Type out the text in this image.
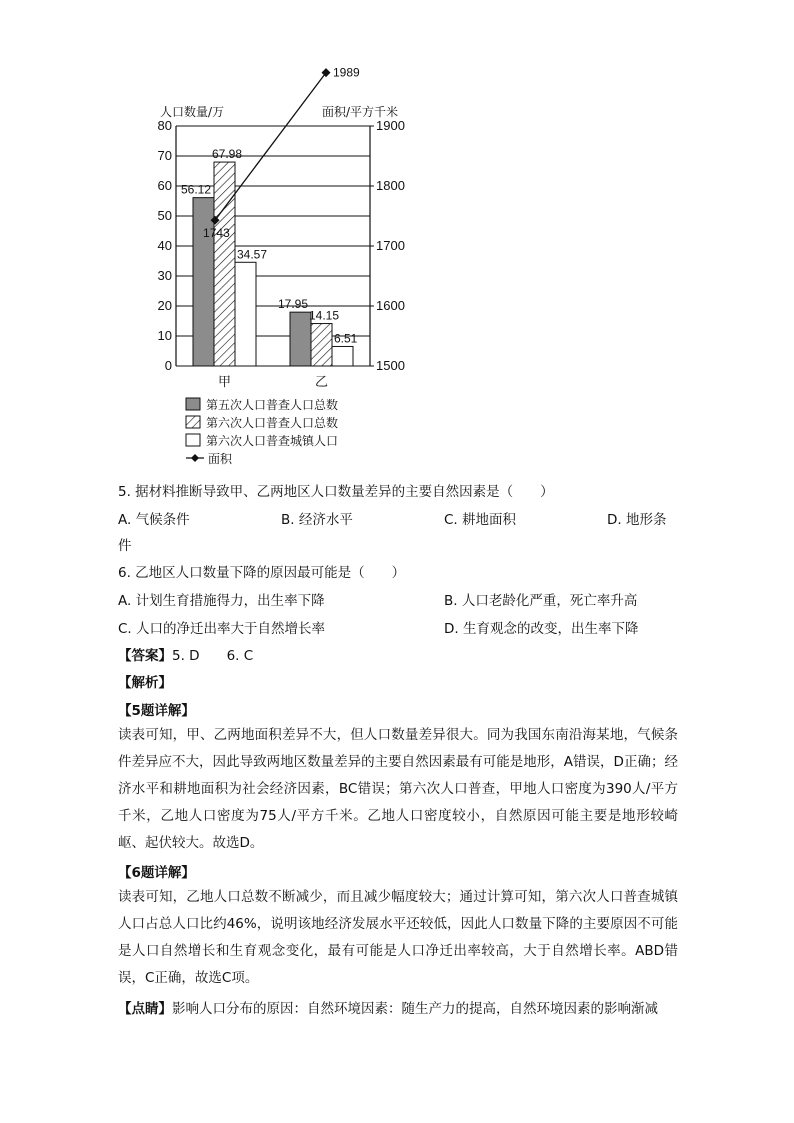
人口数量/万	面积/平方千米
56.12
67.98
34.57
17.95
14.15
6.51
1743
1989
0
10
20
30
40
50
60
70
80
1500
1600
1700
1800
1900
甲	乙
第五次人口普查人口总数
第六次人口普查人口总数
第六次人口普查城镇人口
面积
5. 据材料推断导致甲、乙两地区人口数量差异的主要自然因素是（　　）
A. 气候条件	B. 经济水平	C. 耕地面积	D. 地形条
件
6. 乙地区人口数量下降的原因最可能是（　　）
A. 计划生育措施得力，出生率下降	B. 人口老龄化严重，死亡率升高
C. 人口的净迁出率大于自然增长率	D. 生育观念的改变，出生率下降
【答案】5. D　　6. C
【解析】
【5题详解】
读表可知，甲、乙两地面积差异不大，但人口数量差异很大。同为我国东南沿海某地，气候条件差异应不大，因此导致两地区数量差异的主要自然因素最有可能是地形，A错误，D正确；经济水平和耕地面积为社会经济因素，BC错误；第六次人口普查，甲地人口密度为390人/平方千米，乙地人口密度为75人/平方千米。乙地人口密度较小，自然原因可能主要是地形较崎岖、起伏较大。故选D。
【6题详解】
读表可知，乙地人口总数不断减少，而且减少幅度较大；通过计算可知，第六次人口普查城镇人口占总人口比约46%，说明该地经济发展水平还较低，因此人口数量下降的主要原因不可能是人口自然增长和生育观念变化，最有可能是人口净迁出率较高，大于自然增长率。ABD错误，C正确，故选C项。
【点睛】影响人口分布的原因：自然环境因素：随生产力的提高，自然环境因素的影响渐减
